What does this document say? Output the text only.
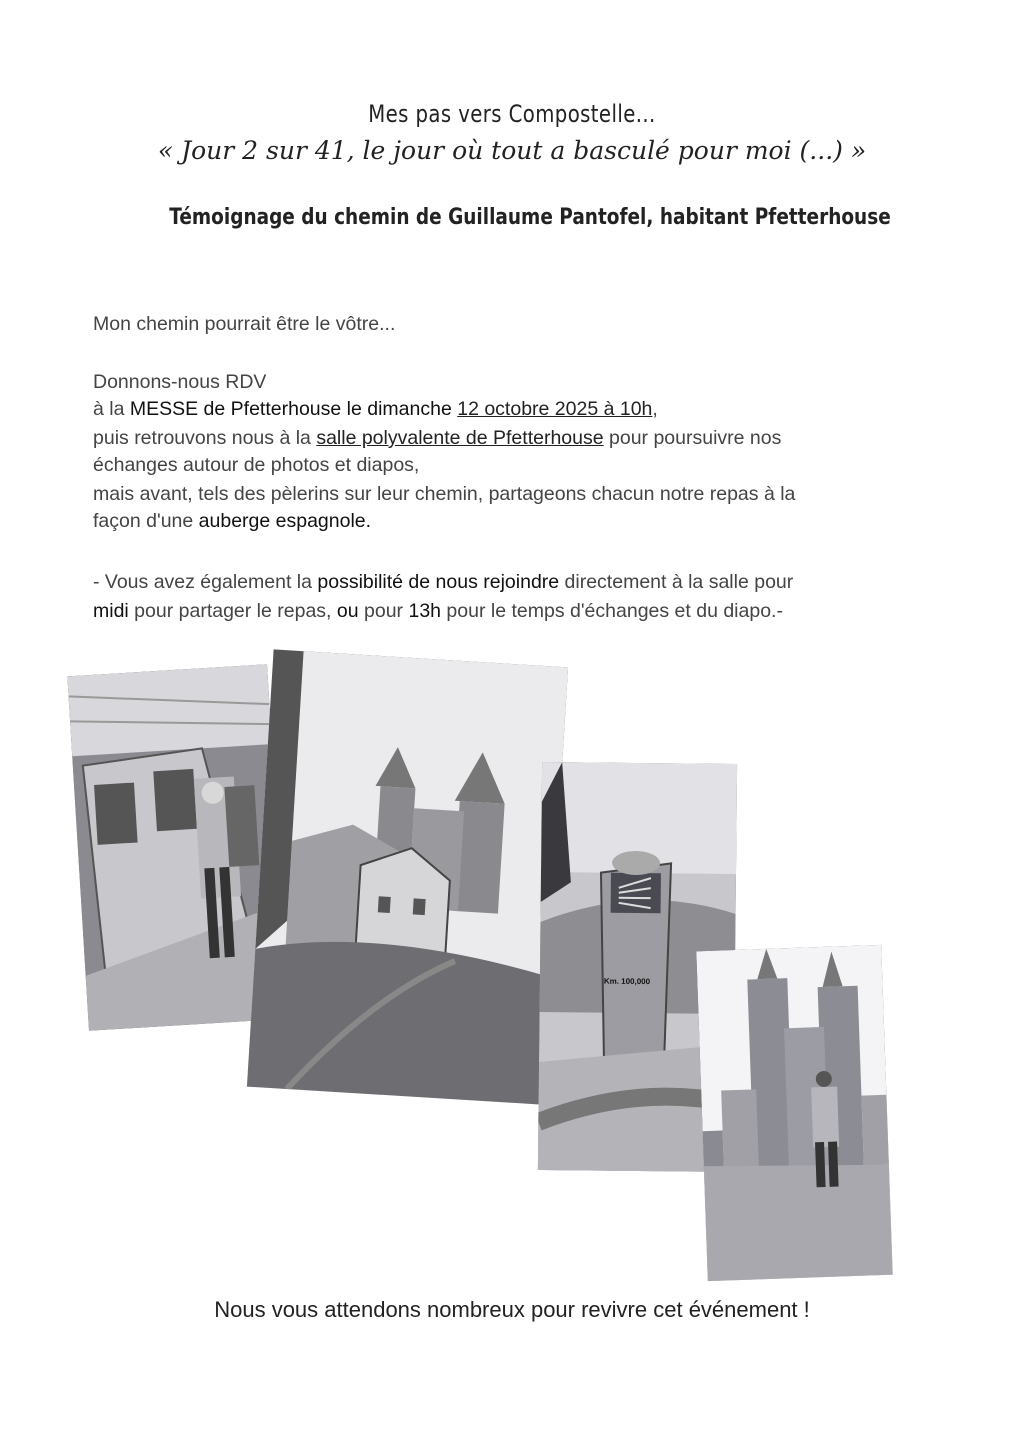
Mes pas vers Compostelle...
« Jour 2 sur 41, le jour où tout a basculé pour moi (...) »
Témoignage du chemin de Guillaume Pantofel, habitant Pfetterhouse
Mon chemin pourrait être le vôtre...
Donnons-nous RDV
à la MESSE de Pfetterhouse le dimanche 12 octobre 2025 à 10h,
puis retrouvons nous à la salle polyvalente de Pfetterhouse pour poursuivre nos
échanges autour de photos et diapos,
mais avant, tels des pèlerins sur leur chemin, partageons chacun notre repas à la
façon d'une auberge espagnole.
- Vous avez également la possibilité de nous rejoindre directement à la salle pour
midi pour partager le repas, ou pour 13h pour le temps d'échanges et du diapo.-
Km. 100,000
Nous vous attendons nombreux pour revivre cet événement !
